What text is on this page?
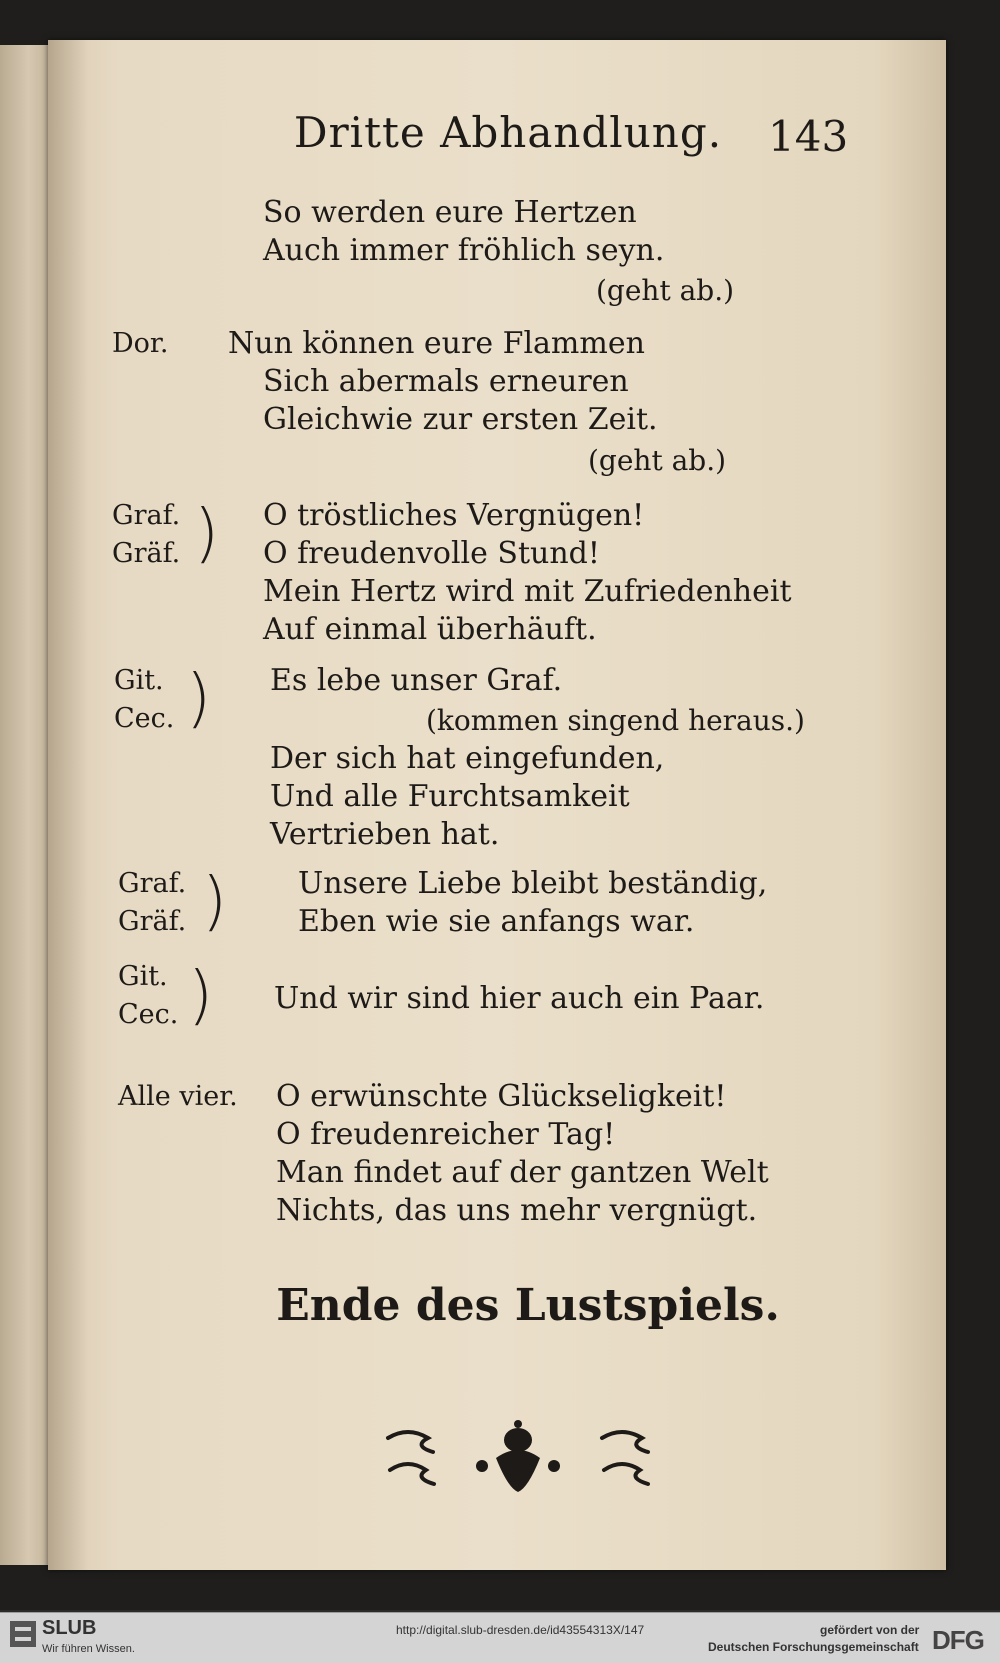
Dritte Abhandlung.	143
So werden eure Hertzen
Auch immer fröhlich seyn.
(geht ab.)
Dor. Nun können eure Flammen
Sich abermals erneuren
Gleichwie zur ersten Zeit.
(geht ab.)
Graf.
Gräf. ) O tröstliches Vergnügen!
O freudenvolle Stund!
Mein Hertz wird mit Zufriedenheit
Auf einmal überhäuft.
Git.
Cec. ) Es lebe unser Graf.
(kommen singend heraus.)
Der sich hat eingefunden,
Und alle Furchtsamkeit
Vertrieben hat.
Graf.
Gräf. ) Unsere Liebe bleibt beständig,
Eben wie sie anfangs war.
Git.
Cec. ) Und wir sind hier auch ein Paar.
Alle vier. O erwünschte Glückseligkeit!
O freudenreicher Tag!
Man findet auf der gantzen Welt
Nichts, das uns mehr vergnügt.
Ende des Lustspiels.
SLUB
Wir führen Wissen.
http://digital.slub-dresden.de/id43554313X/147	gefördert von der
Deutschen Forschungsgemeinschaft DFG
